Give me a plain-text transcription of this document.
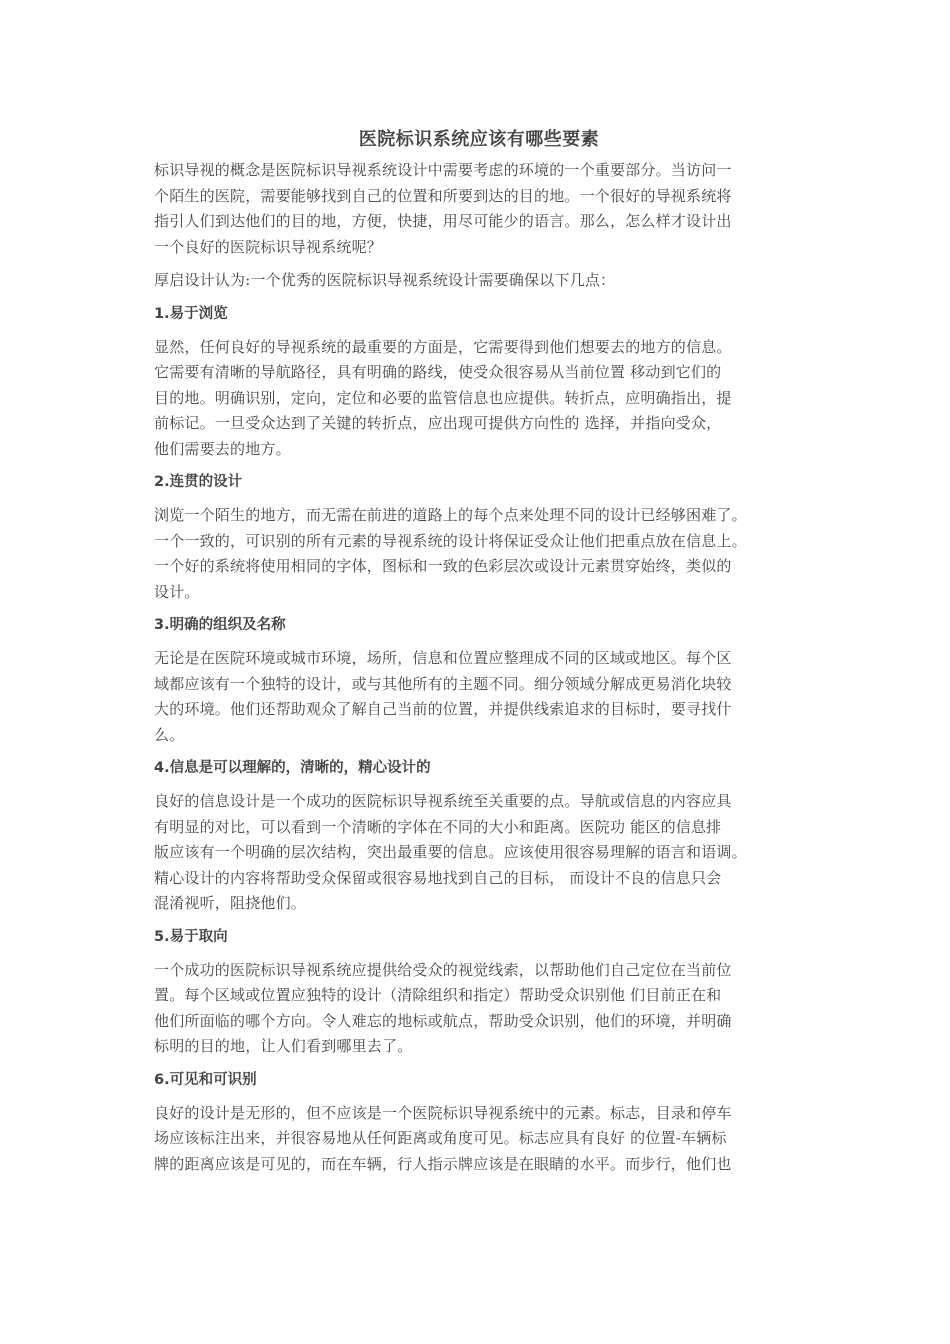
医院标识系统应该有哪些要素
标识导视的概念是医院标识导视系统设计中需要考虑的环境的一个重要部分。当访问一
个陌生的医院，需要能够找到自己的位置和所要到达的目的地。一个很好的导视系统将
指引人们到达他们的目的地，方便，快捷，用尽可能少的语言。那么，怎么样才设计出
一个良好的医院标识导视系统呢？
厚启设计认为:一个优秀的医院标识导视系统设计需要确保以下几点：
1.易于浏览
显然，任何良好的导视系统的最重要的方面是，它需要得到他们想要去的地方的信息。
它需要有清晰的导航路径，具有明确的路线，使受众很容易从当前位置 移动到它们的
目的地。明确识别，定向，定位和必要的监管信息也应提供。转折点，应明确指出，提
前标记。一旦受众达到了关键的转折点，应出现可提供方向性的 选择，并指向受众，
他们需要去的地方。
2.连贯的设计
浏览一个陌生的地方，而无需在前进的道路上的每个点来处理不同的设计已经够困难了。
一个一致的，可识别的所有元素的导视系统的设计将保证受众让他们把重点放在信息上。
一个好的系统将使用相同的字体，图标和一致的色彩层次或设计元素贯穿始终，类似的
设计。
3.明确的组织及名称
无论是在医院环境或城市环境，场所，信息和位置应整理成不同的区域或地区。每个区
域都应该有一个独特的设计，或与其他所有的主题不同。细分领域分解成更易消化块较
大的环境。他们还帮助观众了解自己当前的位置，并提供线索追求的目标时，要寻找什
么。
4.信息是可以理解的，清晰的，精心设计的
良好的信息设计是一个成功的医院标识导视系统至关重要的点。导航或信息的内容应具
有明显的对比，可以看到一个清晰的字体在不同的大小和距离。医院功 能区的信息排
版应该有一个明确的层次结构，突出最重要的信息。应该使用很容易理解的语言和语调。
精心设计的内容将帮助受众保留或很容易地找到自己的目标， 而设计不良的信息只会
混淆视听，阻挠他们。
5.易于取向
一个成功的医院标识导视系统应提供给受众的视觉线索，以帮助他们自己定位在当前位
置。每个区域或位置应独特的设计（清除组织和指定）帮助受众识别他 们目前正在和
他们所面临的哪个方向。令人难忘的地标或航点，帮助受众识别，他们的环境，并明确
标明的目的地，让人们看到哪里去了。
6.可见和可识别
良好的设计是无形的，但不应该是一个医院标识导视系统中的元素。标志，目录和停车
场应该标注出来，并很容易地从任何距离或角度可见。标志应具有良好 的位置-车辆标
牌的距离应该是可见的，而在车辆，行人指示牌应该是在眼睛的水平。而步行，他们也
